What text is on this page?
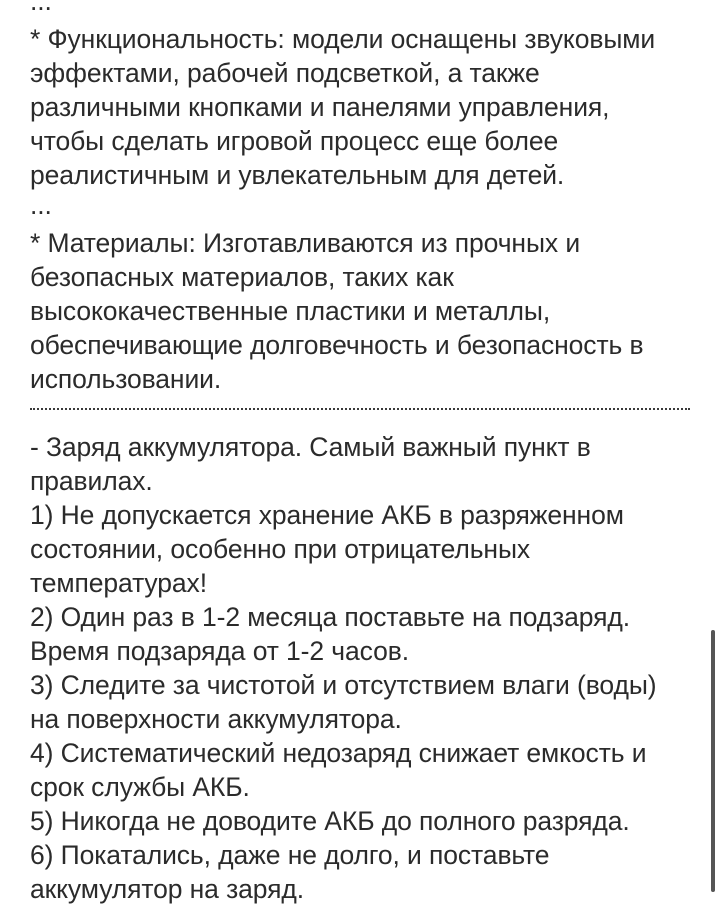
...
* Функциональность: модели оснащены звуковыми
эффектами, рабочей подсветкой, а также
различными кнопками и панелями управления,
чтобы сделать игровой процесс еще более
реалистичным и увлекательным для детей.
...
* Материалы: Изготавливаются из прочных и
безопасных материалов, таких как
высококачественные пластики и металлы,
обеспечивающие долговечность и безопасность в
использовании.
- Заряд аккумулятора. Самый важный пункт в
правилах.
1) Не допускается хранение АКБ в разряженном
состоянии, особенно при отрицательных
температурах!
2) Один раз в 1-2 месяца поставьте на подзаряд.
Время подзаряда от 1-2 часов.
3) Следите за чистотой и отсутствием влаги (воды)
на поверхности аккумулятора.
4) Систематический недозаряд снижает емкость и
срок службы АКБ.
5) Никогда не доводите АКБ до полного разряда.
6) Покатались, даже не долго, и поставьте
аккумулятор на заряд.
